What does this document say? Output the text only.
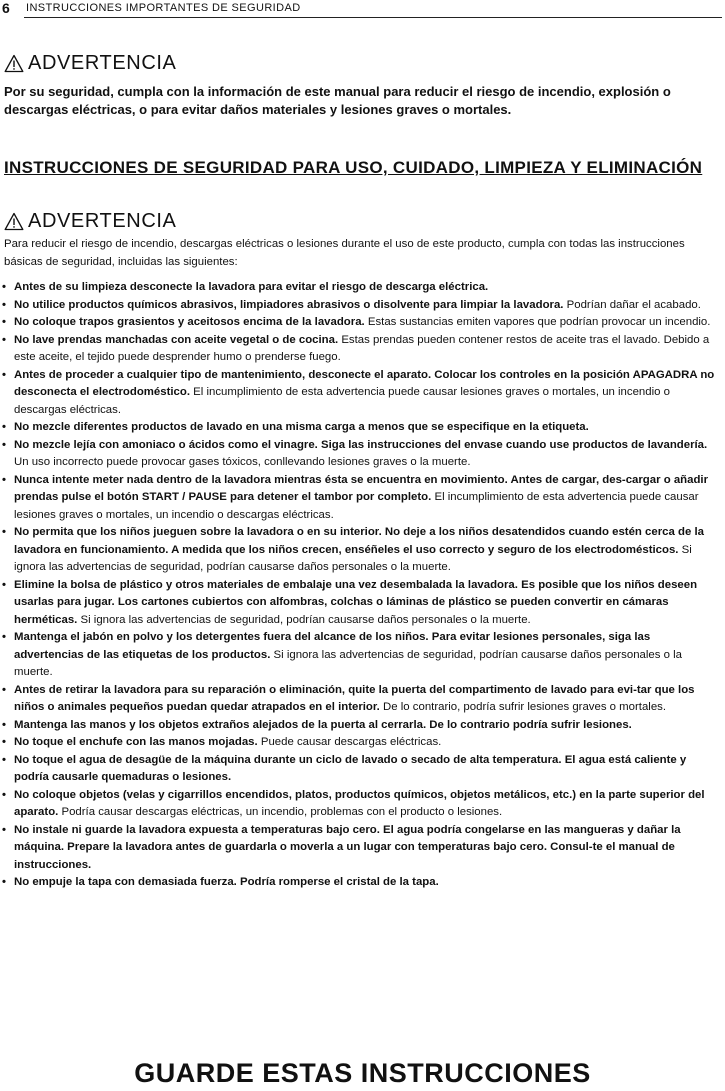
6 INSTRUCCIONES IMPORTANTES DE SEGURIDAD
ADVERTENCIA
Por su seguridad, cumpla con la información de este manual para reducir el riesgo de incendio, explosión o descargas eléctricas, o para evitar daños materiales y lesiones graves o mortales.
INSTRUCCIONES DE SEGURIDAD PARA USO, CUIDADO, LIMPIEZA Y ELIMINACIÓN
ADVERTENCIA
Para reducir el riesgo de incendio, descargas eléctricas o lesiones durante el uso de este producto, cumpla con todas las instrucciones básicas de seguridad, incluidas las siguientes:
• Antes de su limpieza desconecte la lavadora para evitar el riesgo de descarga eléctrica.
• No utilice productos químicos abrasivos, limpiadores abrasivos o disolvente para limpiar la lavadora. Podrían dañar el acabado.
• No coloque trapos grasientos y aceitosos encima de la lavadora. Estas sustancias emiten vapores que podrían provocar un incendio.
• No lave prendas manchadas con aceite vegetal o de cocina. Estas prendas pueden contener restos de aceite tras el lavado. Debido a este aceite, el tejido puede desprender humo o prenderse fuego.
• Antes de proceder a cualquier tipo de mantenimiento, desconecte el aparato. Colocar los controles en la posición APAGADRA no desconecta el electrodoméstico. El incumplimiento de esta advertencia puede causar lesiones graves o mortales, un incendio o descargas eléctricas.
• No mezcle diferentes productos de lavado en una misma carga a menos que se especifique en la etiqueta.
• No mezcle lejía con amoniaco o ácidos como el vinagre. Siga las instrucciones del envase cuando use productos de lavandería. Un uso incorrecto puede provocar gases tóxicos, conllevando lesiones graves o la muerte.
• Nunca intente meter nada dentro de la lavadora mientras ésta se encuentra en movimiento. Antes de cargar, des-cargar o añadir prendas pulse el botón START / PAUSE para detener el tambor por completo. El incumplimiento de esta advertencia puede causar lesiones graves o mortales, un incendio o descargas eléctricas.
• No permita que los niños jueguen sobre la lavadora o en su interior. No deje a los niños desatendidos cuando estén cerca de la lavadora en funcionamiento. A medida que los niños crecen, enséñeles el uso correcto y seguro de los electrodomésticos. Si ignora las advertencias de seguridad, podrían causarse daños personales o la muerte.
• Elimine la bolsa de plástico y otros materiales de embalaje una vez desembalada la lavadora. Es posible que los niños deseen usarlas para jugar. Los cartones cubiertos con alfombras, colchas o láminas de plástico se pueden convertir en cámaras herméticas. Si ignora las advertencias de seguridad, podrían causarse daños personales o la muerte.
• Mantenga el jabón en polvo y los detergentes fuera del alcance de los niños. Para evitar lesiones personales, siga las advertencias de las etiquetas de los productos. Si ignora las advertencias de seguridad, podrían causarse daños personales o la muerte.
• Antes de retirar la lavadora para su reparación o eliminación, quite la puerta del compartimento de lavado para evi-tar que los niños o animales pequeños puedan quedar atrapados en el interior. De lo contrario, podría sufrir lesiones graves o mortales.
• Mantenga las manos y los objetos extraños alejados de la puerta al cerrarla. De lo contrario podría sufrir lesiones.
• No toque el enchufe con las manos mojadas. Puede causar descargas eléctricas.
• No toque el agua de desagüe de la máquina durante un ciclo de lavado o secado de alta temperatura. El agua está caliente y podría causarle quemaduras o lesiones.
• No coloque objetos (velas y cigarrillos encendidos, platos, productos químicos, objetos metálicos, etc.) en la parte superior del aparato. Podría causar descargas eléctricas, un incendio, problemas con el producto o lesiones.
• No instale ni guarde la lavadora expuesta a temperaturas bajo cero. El agua podría congelarse en las mangueras y dañar la máquina. Prepare la lavadora antes de guardarla o moverla a un lugar con temperaturas bajo cero. Consul-te el manual de instrucciones.
• No empuje la tapa con demasiada fuerza. Podría romperse el cristal de la tapa.
GUARDE ESTAS INSTRUCCIONES
